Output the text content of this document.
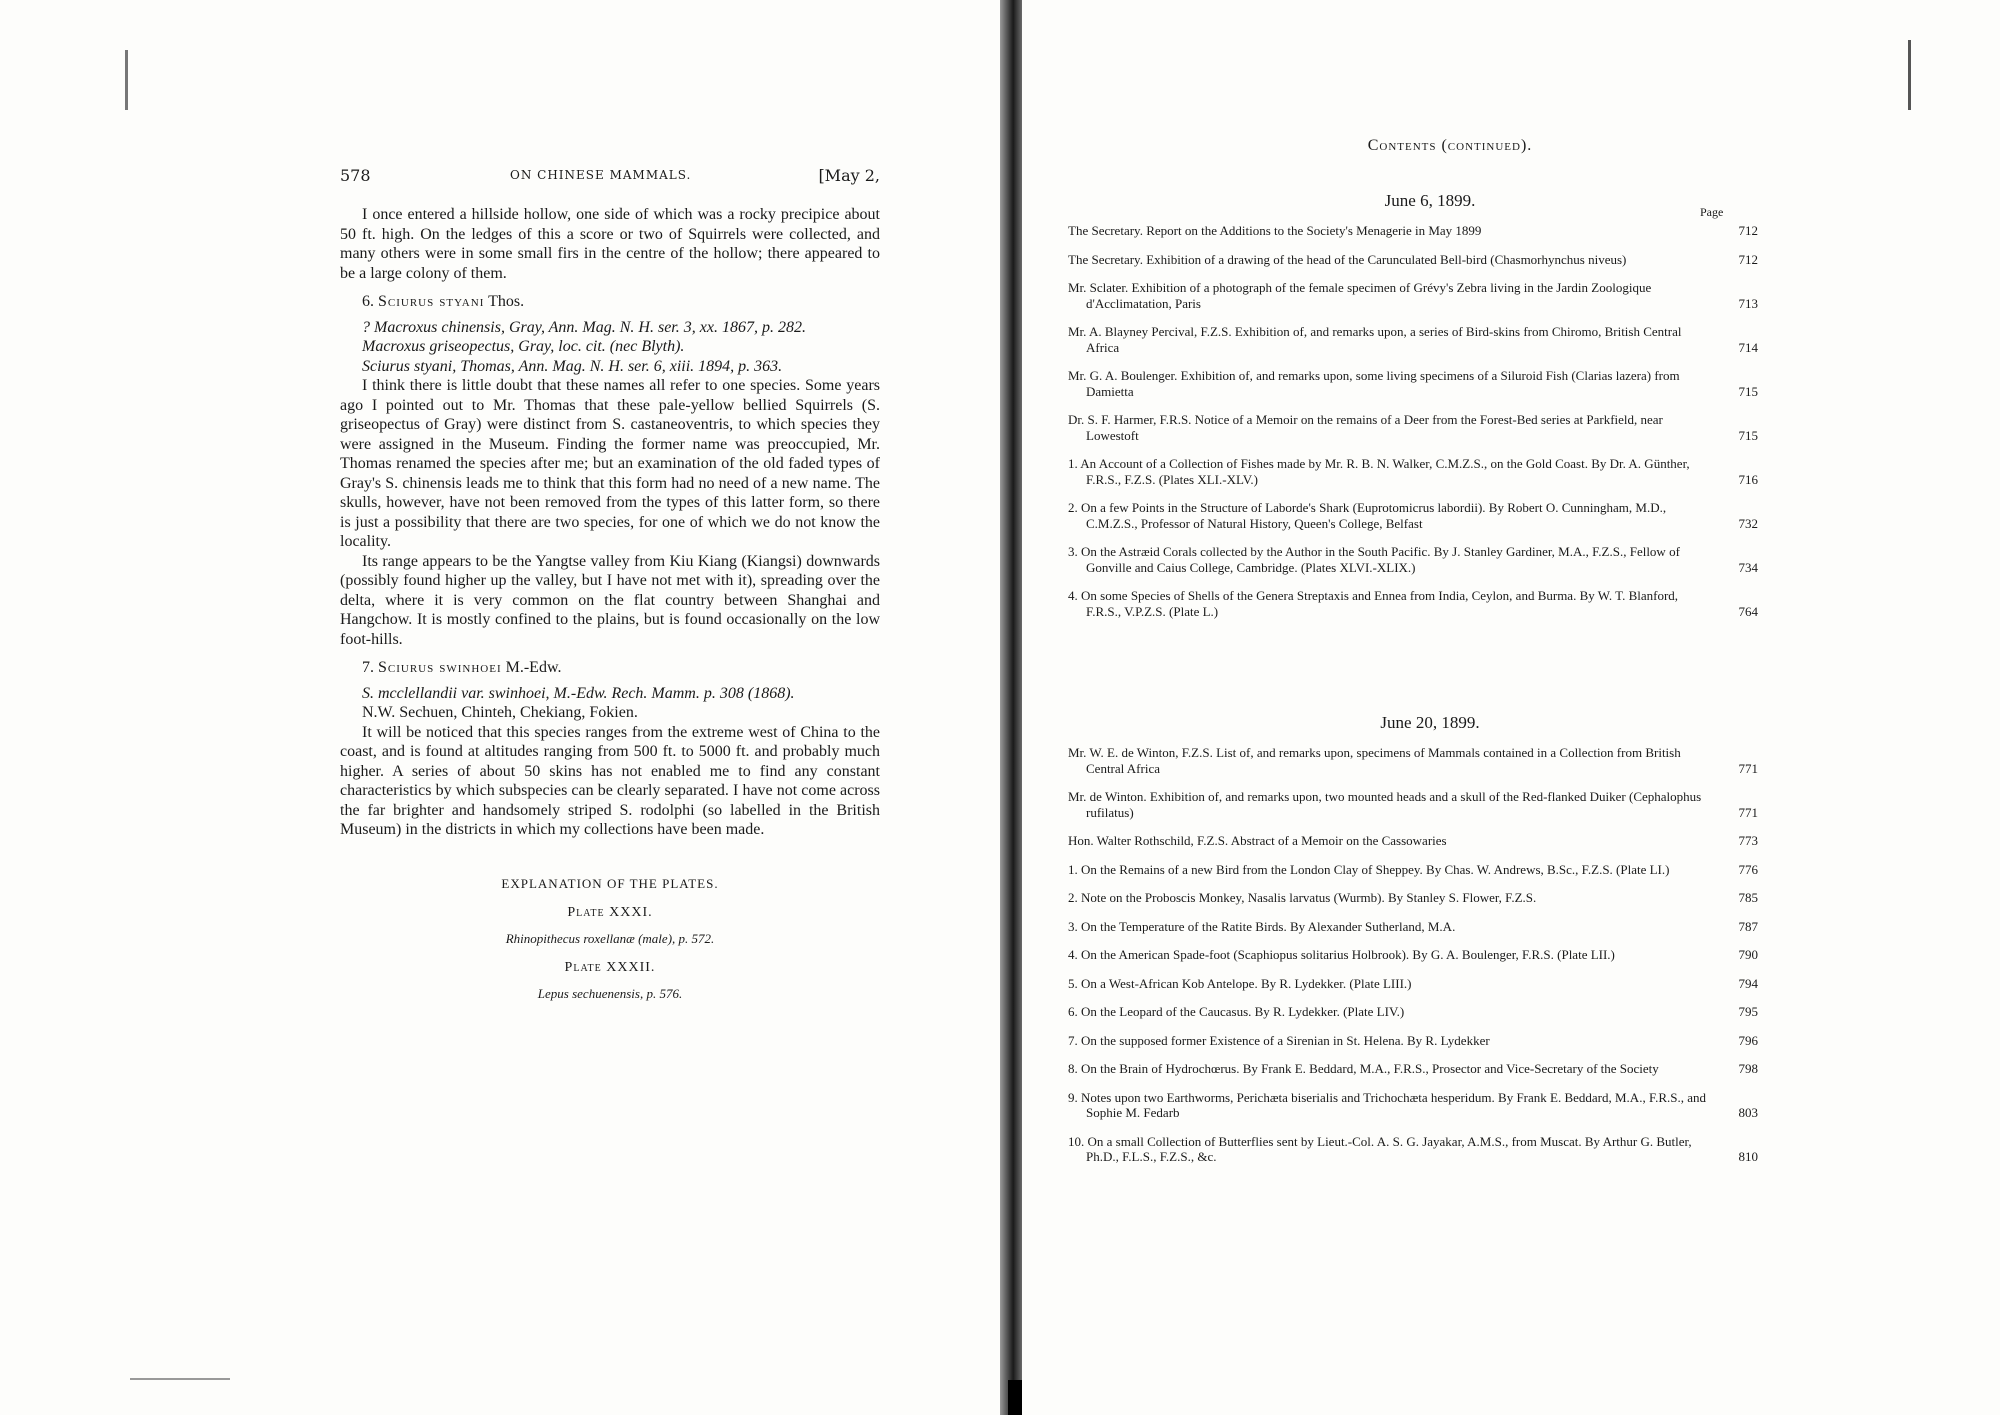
578	ON CHINESE MAMMALS.	[May 2,

I once entered a hillside hollow, one side of which was a rocky precipice about 50 ft. high. On the ledges of this a score or two of Squirrels were collected, and many others were in some small firs in the centre of the hollow; there appeared to be a large colony of them.

6. Sciurus styani Thos.

? Macroxus chinensis, Gray, Ann. Mag. N. H. ser. 3, xx. 1867, p. 282.

Macroxus griseopectus, Gray, loc. cit. (nec Blyth).

Sciurus styani, Thomas, Ann. Mag. N. H. ser. 6, xiii. 1894, p. 363.

I think there is little doubt that these names all refer to one species. Some years ago I pointed out to Mr. Thomas that these pale-yellow bellied Squirrels (S. griseopectus of Gray) were distinct from S. castaneoventris, to which species they were assigned in the Museum. Finding the former name was preoccupied, Mr. Thomas renamed the species after me; but an examination of the old faded types of Gray's S. chinensis leads me to think that this form had no need of a new name. The skulls, however, have not been removed from the types of this latter form, so there is just a possibility that there are two species, for one of which we do not know the locality.

Its range appears to be the Yangtse valley from Kiu Kiang (Kiangsi) downwards (possibly found higher up the valley, but I have not met with it), spreading over the delta, where it is very common on the flat country between Shanghai and Hangchow. It is mostly confined to the plains, but is found occasionally on the low foot-hills.

7. Sciurus swinhoei M.-Edw.

S. mcclellandii var. swinhoei, M.-Edw. Rech. Mamm. p. 308 (1868).

N.W. Sechuen, Chinteh, Chekiang, Fokien.

It will be noticed that this species ranges from the extreme west of China to the coast, and is found at altitudes ranging from 500 ft. to 5000 ft. and probably much higher. A series of about 50 skins has not enabled me to find any constant characteristics by which subspecies can be clearly separated. I have not come across the far brighter and handsomely striped S. rodolphi (so labelled in the British Museum) in the districts in which my collections have been made.

EXPLANATION OF THE PLATES.

Plate XXXI.

Rhinopithecus roxellanæ (male), p. 572.

Plate XXXII.

Lepus sechuenensis, p. 576.

Contents (continued).
June 6, 1899.
Page
The Secretary. Report on the Additions to the Society's Menagerie in May 1899	712
The Secretary. Exhibition of a drawing of the head of the Carunculated Bell-bird (Chasmorhynchus niveus)	712
Mr. Sclater. Exhibition of a photograph of the female specimen of Grévy's Zebra living in the Jardin Zoologique d'Acclimatation, Paris	713
Mr. A. Blayney Percival, F.Z.S. Exhibition of, and remarks upon, a series of Bird-skins from Chiromo, British Central Africa	714
Mr. G. A. Boulenger. Exhibition of, and remarks upon, some living specimens of a Siluroid Fish (Clarias lazera) from Damietta	715
Dr. S. F. Harmer, F.R.S. Notice of a Memoir on the remains of a Deer from the Forest-Bed series at Parkfield, near Lowestoft	715
1. An Account of a Collection of Fishes made by Mr. R. B. N. Walker, C.M.Z.S., on the Gold Coast. By Dr. A. Günther, F.R.S., F.Z.S. (Plates XLI.-XLV.)	716
2. On a few Points in the Structure of Laborde's Shark (Euprotomicrus labordii). By Robert O. Cunningham, M.D., C.M.Z.S., Professor of Natural History, Queen's College, Belfast	732
3. On the Astræid Corals collected by the Author in the South Pacific. By J. Stanley Gardiner, M.A., F.Z.S., Fellow of Gonville and Caius College, Cambridge. (Plates XLVI.-XLIX.)	734
4. On some Species of Shells of the Genera Streptaxis and Ennea from India, Ceylon, and Burma. By W. T. Blanford, F.R.S., V.P.Z.S. (Plate L.)	764
June 20, 1899.
Mr. W. E. de Winton, F.Z.S. List of, and remarks upon, specimens of Mammals contained in a Collection from British Central Africa	771
Mr. de Winton. Exhibition of, and remarks upon, two mounted heads and a skull of the Red-flanked Duiker (Cephalophus rufilatus)	771
Hon. Walter Rothschild, F.Z.S. Abstract of a Memoir on the Cassowaries	773
1. On the Remains of a new Bird from the London Clay of Sheppey. By Chas. W. Andrews, B.Sc., F.Z.S. (Plate LI.)	776
2. Note on the Proboscis Monkey, Nasalis larvatus (Wurmb). By Stanley S. Flower, F.Z.S.	785
3. On the Temperature of the Ratite Birds. By Alexander Sutherland, M.A.	787
4. On the American Spade-foot (Scaphiopus solitarius Holbrook). By G. A. Boulenger, F.R.S. (Plate LII.)	790
5. On a West-African Kob Antelope. By R. Lydekker. (Plate LIII.)	794
6. On the Leopard of the Caucasus. By R. Lydekker. (Plate LIV.)	795
7. On the supposed former Existence of a Sirenian in St. Helena. By R. Lydekker	796
8. On the Brain of Hydrochœrus. By Frank E. Beddard, M.A., F.R.S., Prosector and Vice-Secretary of the Society	798
9. Notes upon two Earthworms, Perichæta biserialis and Trichochæta hesperidum. By Frank E. Beddard, M.A., F.R.S., and Sophie M. Fedarb	803
10. On a small Collection of Butterflies sent by Lieut.-Col. A. S. G. Jayakar, A.M.S., from Muscat. By Arthur G. Butler, Ph.D., F.L.S., F.Z.S., &c.	810
